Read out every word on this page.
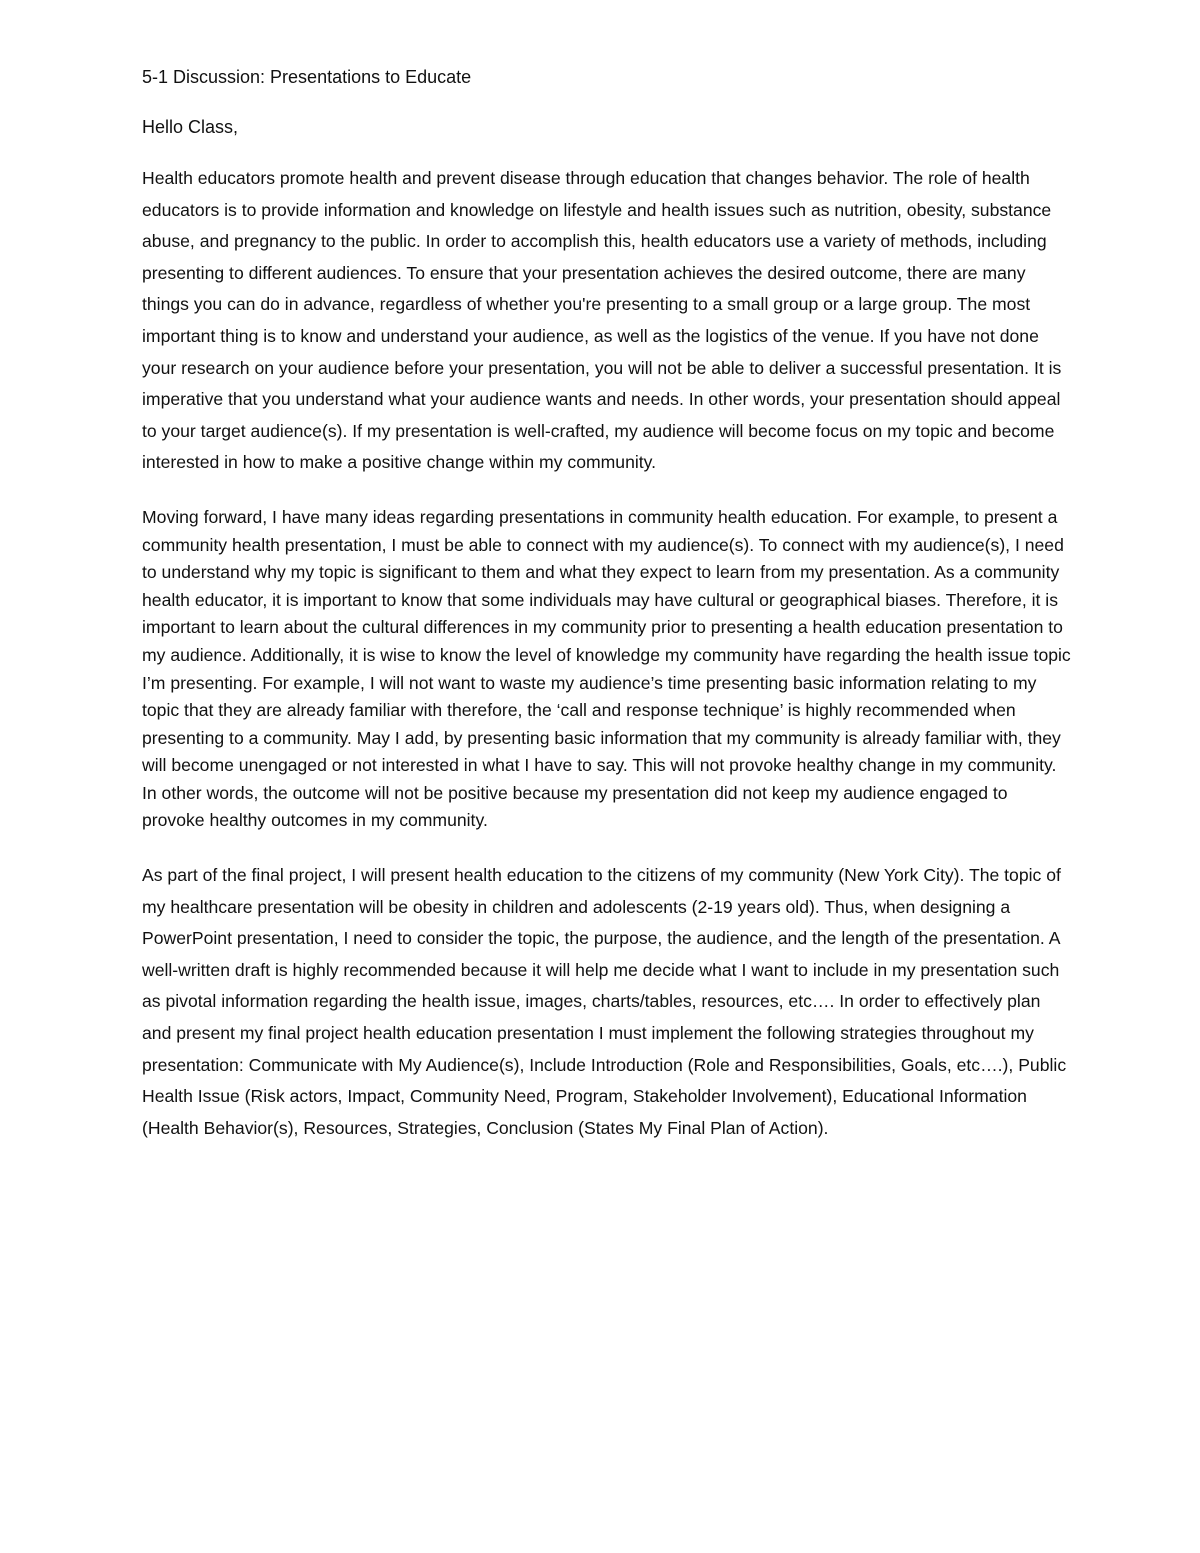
5-1 Discussion: Presentations to Educate
Hello Class,

Health educators promote health and prevent disease through education that changes behavior. The role of health educators is to provide information and knowledge on lifestyle and health issues such as nutrition, obesity, substance abuse, and pregnancy to the public. In order to accomplish this, health educators use a variety of methods, including presenting to different audiences. To ensure that your presentation achieves the desired outcome, there are many things you can do in advance, regardless of whether you're presenting to a small group or a large group. The most important thing is to know and understand your audience, as well as the logistics of the venue. If you have not done your research on your audience before your presentation, you will not be able to deliver a successful presentation. It is imperative that you understand what your audience wants and needs. In other words, your presentation should appeal to your target audience(s). If my presentation is well-crafted, my audience will become focus on my topic and become interested in how to make a positive change within my community.

Moving forward, I have many ideas regarding presentations in community health education. For example, to present a community health presentation, I must be able to connect with my audience(s). To connect with my audience(s), I need to understand why my topic is significant to them and what they expect to learn from my presentation. As a community health educator, it is important to know that some individuals may have cultural or geographical biases. Therefore, it is important to learn about the cultural differences in my community prior to presenting a health education presentation to my audience. Additionally, it is wise to know the level of knowledge my community have regarding the health issue topic I’m presenting. For example, I will not want to waste my audience’s time presenting basic information relating to my topic that they are already familiar with therefore, the ‘call and response technique’ is highly recommended when presenting to a community. May I add, by presenting basic information that my community is already familiar with, they will become unengaged or not interested in what I have to say. This will not provoke healthy change in my community. In other words, the outcome will not be positive because my presentation did not keep my audience engaged to provoke healthy outcomes in my community.

As part of the final project, I will present health education to the citizens of my community (New York City). The topic of my healthcare presentation will be obesity in children and adolescents (2-19 years old). Thus, when designing a PowerPoint presentation, I need to consider the topic, the purpose, the audience, and the length of the presentation. A well-written draft is highly recommended because it will help me decide what I want to include in my presentation such as pivotal information regarding the health issue, images, charts/tables, resources, etc…. In order to effectively plan and present my final project health education presentation I must implement the following strategies throughout my presentation: Communicate with My Audience(s), Include Introduction (Role and Responsibilities, Goals, etc….), Public Health Issue (Risk actors, Impact, Community Need, Program, Stakeholder Involvement), Educational Information (Health Behavior(s), Resources, Strategies, Conclusion (States My Final Plan of Action).
